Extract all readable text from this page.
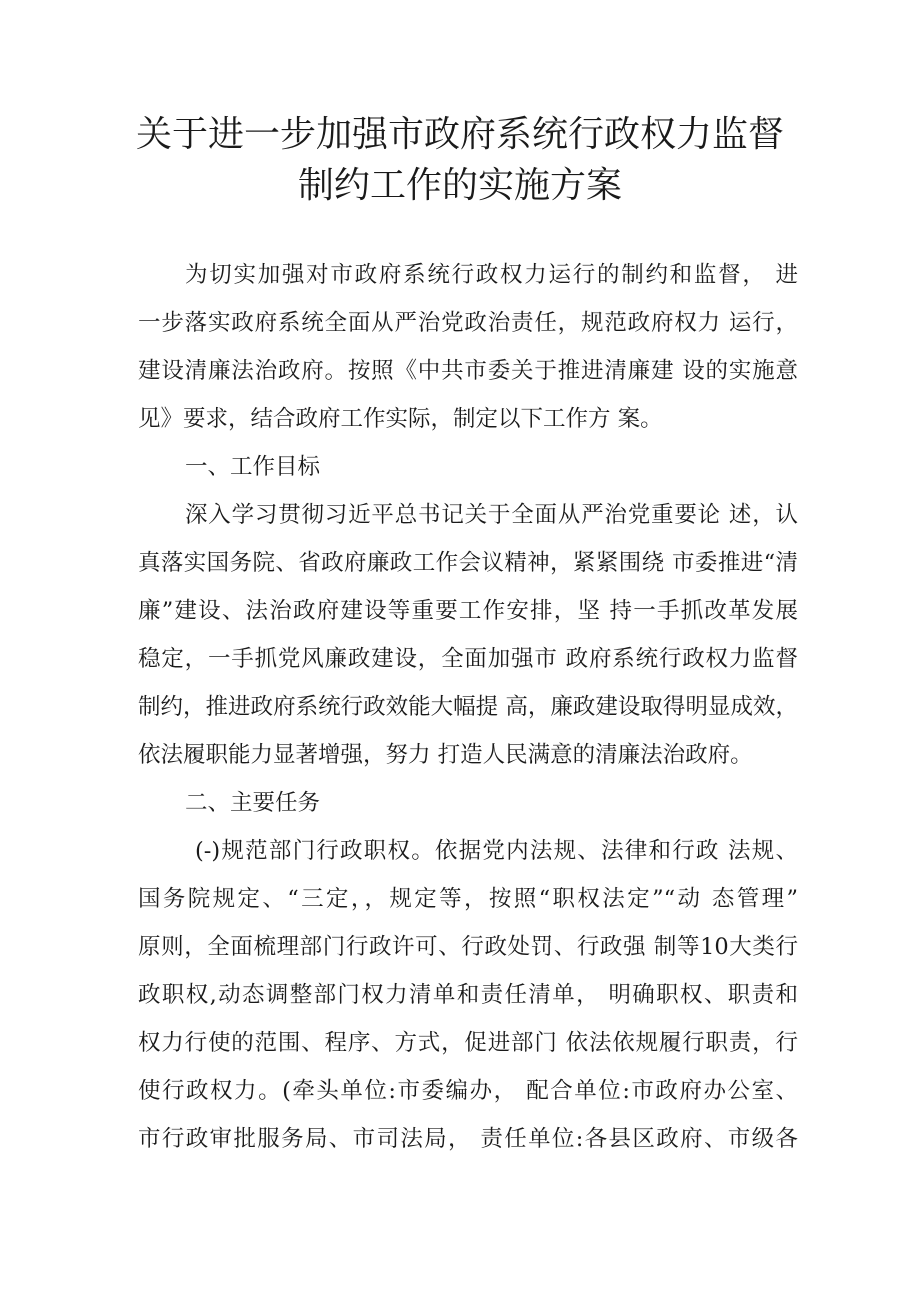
关于进一步加强市政府系统行政权力监督
制约工作的实施方案
为切实加强对市政府系统行政权力运行的制约和监督， 进
一步落实政府系统全面从严治党政治责任，规范政府权力 运行，
建设清廉法治政府。按照《中共市委关于推进清廉建 设的实施意
见》要求，结合政府工作实际，制定以下工作方 案。
一、工作目标
深入学习贯彻习近平总书记关于全面从严治党重要论 述，认
真落实国务院、省政府廉政工作会议精神，紧紧围绕 市委推进“清
廉”建设、法治政府建设等重要工作安排，坚 持一手抓改革发展
稳定，一手抓党风廉政建设，全面加强市 政府系统行政权力监督
制约，推进政府系统行政效能大幅提 高，廉政建设取得明显成效，
依法履职能力显著增强，努力 打造人民满意的清廉法治政府。
二、主要任务
(-)规范部门行政职权。依据党内法规、法律和行政 法规、
国务院规定、“三定，，规定等，按照“职权法定”“动 态管理”
原则，全面梳理部门行政许可、行政处罚、行政强 制等10大类行
政职权,动态调整部门权力清单和责任清单， 明确职权、职责和
权力行使的范围、程序、方式，促进部门 依法依规履行职责，行
使行政权力。(牵头单位:市委编办， 配合单位:市政府办公室、
市行政审批服务局、市司法局， 责任单位:各县区政府、市级各
